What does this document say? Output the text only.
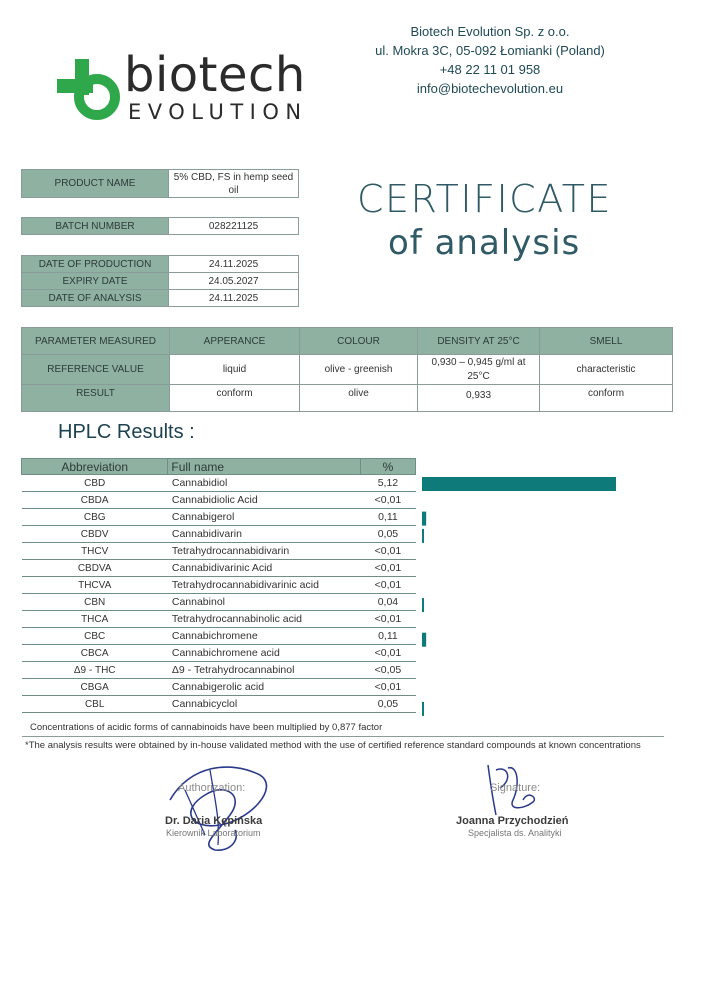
biotech
EVOLUTION
Biotech Evolution Sp. z o.o.
ul. Mokra 3C, 05-092 Łomianki (Poland)
+48 22 11 01 958
info@biotechevolution.eu
CERTIFICATE
of analysis
PRODUCT NAME	5% CBD, FS in hemp seed oil
BATCH NUMBER	028221125
DATE OF PRODUCTION	24.11.2025
EXPIRY DATE	24.05.2027
DATE OF ANALYSIS	24.11.2025
PARAMETER MEASURED	APPERANCE	COLOUR	DENSITY AT 25°C	SMELL
REFERENCE VALUE	liquid	olive - greenish	0,930 – 0,945 g/ml at 25°C	characteristic
RESULT	conform	olive	0,933	conform
HPLC Results :
Abbreviation	Full name	%
CBD	Cannabidiol	5,12
CBDA	Cannabidiolic Acid	<0,01
CBG	Cannabigerol	0,11
CBDV	Cannabidivarin	0,05
THCV	Tetrahydrocannabidivarin	<0,01
CBDVA	Cannabidivarinic Acid	<0,01
THCVA	Tetrahydrocannabidivarinic acid	<0,01
CBN	Cannabinol	0,04
THCA	Tetrahydrocannabinolic acid	<0,01
CBC	Cannabichromene	0,11
CBCA	Cannabichromene acid	<0,01
Δ9 - THC	Δ9 - Tetrahydrocannabinol	<0,05
CBGA	Cannabigerolic acid	<0,01
CBL	Cannabicyclol	0,05
Concentrations of acidic forms of cannabinoids have been multiplied by 0,877 factor
*The analysis results were obtained by in-house validated method with the use of certified reference standard compounds at known concentrations
Authorization:
Dr. Daria Kępińska
Kierownik Laboratorium
Signature:
Joanna Przychodzień
Specjalista ds. Analityki
